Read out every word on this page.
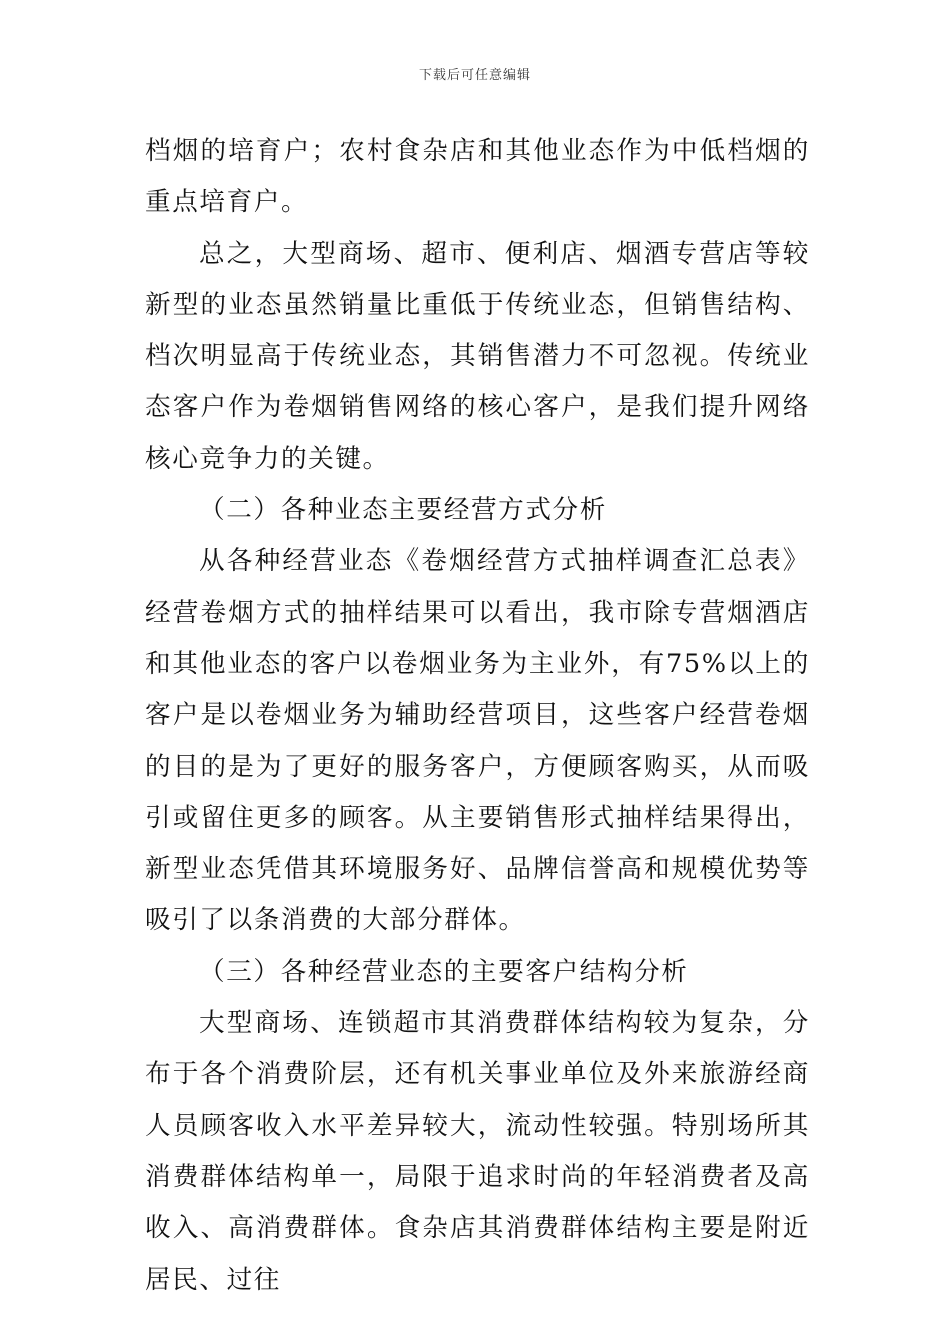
下载后可任意编辑

档烟的培育户；农村食杂店和其他业态作为中低档烟的重点培育户。

总之，大型商场、超市、便利店、烟酒专营店等较新型的业态虽然销量比重低于传统业态，但销售结构、档次明显高于传统业态，其销售潜力不可忽视。传统业态客户作为卷烟销售网络的核心客户，是我们提升网络核心竞争力的关键。

（二）各种业态主要经营方式分析

从各种经营业态《卷烟经营方式抽样调查汇总表》经营卷烟方式的抽样结果可以看出，我市除专营烟酒店和其他业态的客户以卷烟业务为主业外，有75%以上的客户是以卷烟业务为辅助经营项目，这些客户经营卷烟的目的是为了更好的服务客户，方便顾客购买，从而吸引或留住更多的顾客。从主要销售形式抽样结果得出，新型业态凭借其环境服务好、品牌信誉高和规模优势等吸引了以条消费的大部分群体。

（三）各种经营业态的主要客户结构分析

大型商场、连锁超市其消费群体结构较为复杂，分布于各个消费阶层，还有机关事业单位及外来旅游经商人员顾客收入水平差异较大，流动性较强。特别场所其消费群体结构单一，局限于追求时尚的年轻消费者及高收入、高消费群体。食杂店其消费群体结构主要是附近居民、过往
